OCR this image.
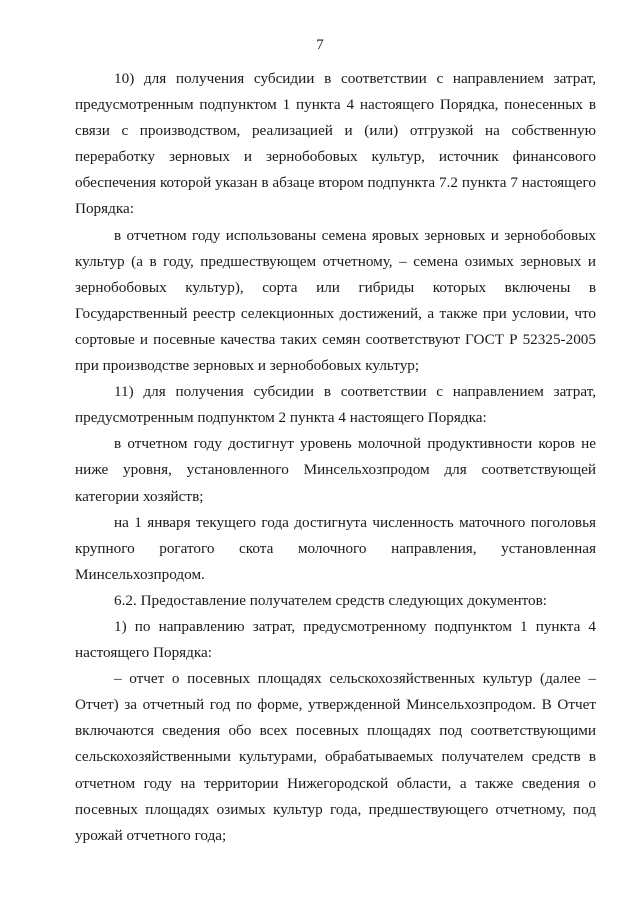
7

10) для получения субсидии в соответствии с направлением затрат, предусмотренным подпунктом 1 пункта 4 настоящего Порядка, понесенных в связи с производством, реализацией и (или) отгрузкой на собственную переработку зерновых и зернобобовых культур, источник финансового обеспечения которой указан в абзаце втором подпункта 7.2 пункта 7 настоящего Порядка:

в отчетном году использованы семена яровых зерновых и зернобобовых культур (а в году, предшествующем отчетному, – семена озимых зерновых и зернобобовых культур), сорта или гибриды которых включены в Государственный реестр селекционных достижений, а также при условии, что сортовые и посевные качества таких семян соответствуют ГОСТ Р 52325-2005 при производстве зерновых и зернобобовых культур;

11) для получения субсидии в соответствии с направлением затрат, предусмотренным подпунктом 2 пункта 4 настоящего Порядка:

в отчетном году достигнут уровень молочной продуктивности коров не ниже уровня, установленного Минсельхозпродом для соответствующей категории хозяйств;

на 1 января текущего года достигнута численность маточного поголовья крупного рогатого скота молочного направления, установленная Минсельхозпродом.

6.2. Предоставление получателем средств следующих документов:

1) по направлению затрат, предусмотренному подпунктом 1 пункта 4 настоящего Порядка:

– отчет о посевных площадях сельскохозяйственных культур (далее – Отчет) за отчетный год по форме, утвержденной Минсельхозпродом. В Отчет включаются сведения обо всех посевных площадях под соответствующими сельскохозяйственными культурами, обрабатываемых получателем средств в отчетном году на территории Нижегородской области, а также сведения о посевных площадях озимых культур года, предшествующего отчетному, под урожай отчетного года;
